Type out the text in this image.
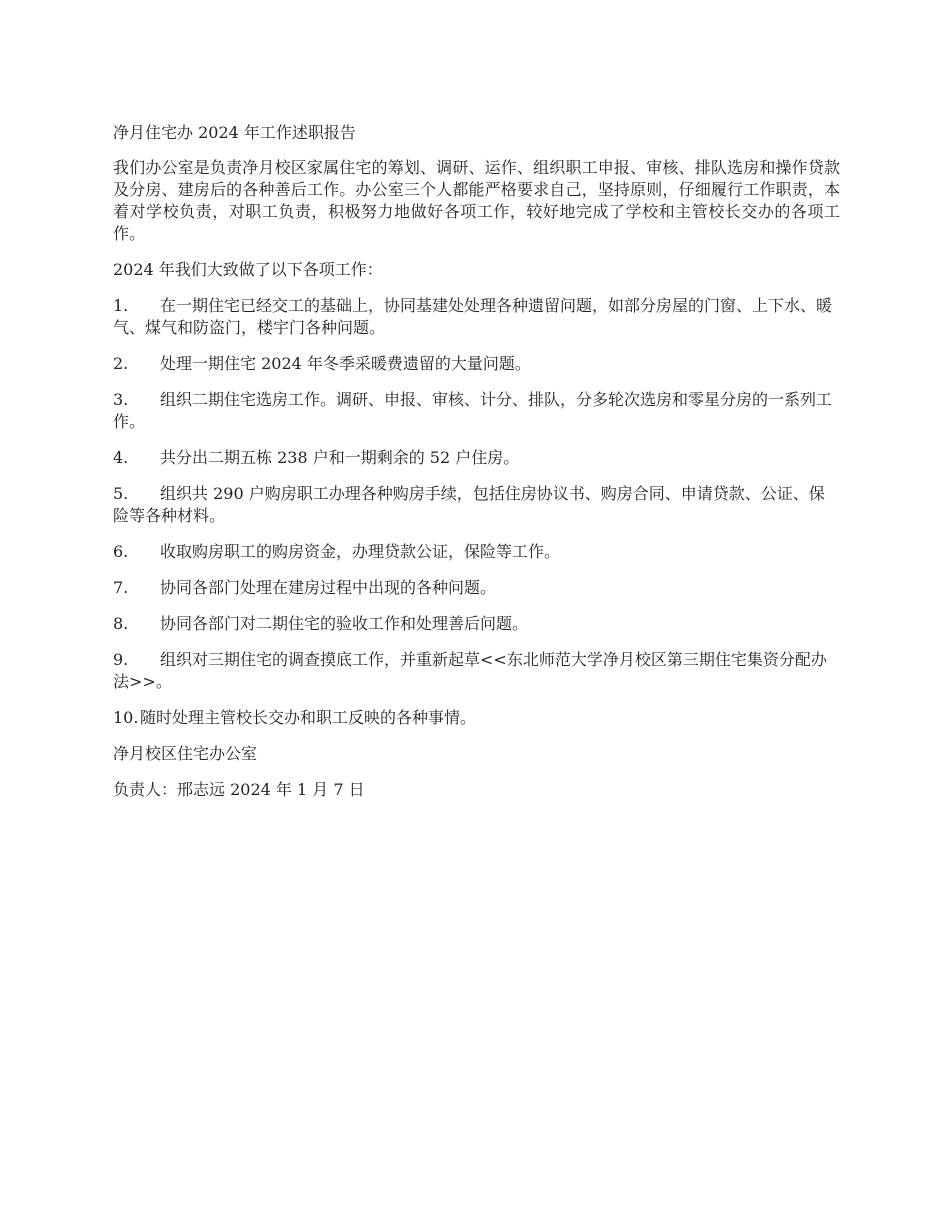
净月住宅办 2024 年工作述职报告

我们办公室是负责净月校区家属住宅的筹划、调研、运作、组织职工申报、审核、排队选房和操作贷款及分房、建房后的各种善后工作。办公室三个人都能严格要求自己，坚持原则，仔细履行工作职责，本着对学校负责，对职工负责，积极努力地做好各项工作，较好地完成了学校和主管校长交办的各项工作。

2024 年我们大致做了以下各项工作：

1. 在一期住宅已经交工的基础上，协同基建处处理各种遗留问题，如部分房屋的门窗、上下水、暖气、煤气和防盗门，楼宇门各种问题。

2. 处理一期住宅 2024 年冬季采暖费遗留的大量问题。

3. 组织二期住宅选房工作。调研、申报、审核、计分、排队，分多轮次选房和零星分房的一系列工作。

4. 共分出二期五栋 238 户和一期剩余的 52 户住房。

5. 组织共 290 户购房职工办理各种购房手续，包括住房协议书、购房合同、申请贷款、公证、保险等各种材料。

6. 收取购房职工的购房资金，办理贷款公证，保险等工作。

7. 协同各部门处理在建房过程中出现的各种问题。

8. 协同各部门对二期住宅的验收工作和处理善后问题。

9. 组织对三期住宅的调查摸底工作，并重新起草<<东北师范大学净月校区第三期住宅集资分配办法>>。

10.随时处理主管校长交办和职工反映的各种事情。

净月校区住宅办公室

负责人：邢志远 2024 年 1 月 7 日
